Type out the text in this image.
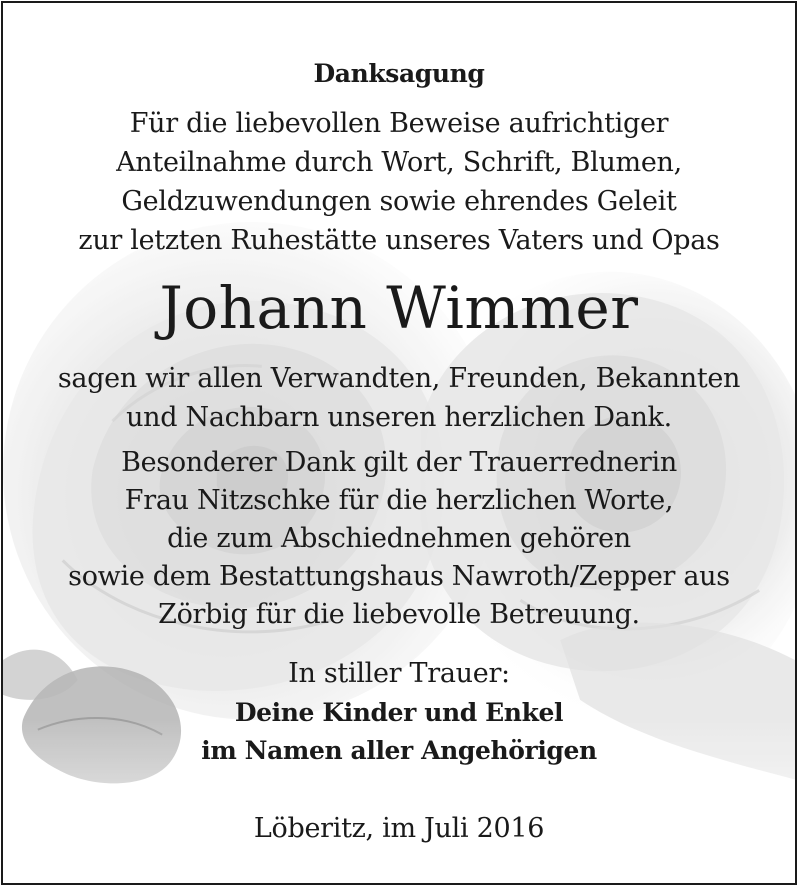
Danksagung
Für die liebevollen Beweise aufrichtiger
Anteilnahme durch Wort, Schrift, Blumen,
Geldzuwendungen sowie ehrendes Geleit
zur letzten Ruhestätte unseres Vaters und Opas
Johann Wimmer
sagen wir allen Verwandten, Freunden, Bekannten
und Nachbarn unseren herzlichen Dank.
Besonderer Dank gilt der Trauerrednerin
Frau Nitzschke für die herzlichen Worte,
die zum Abschiednehmen gehören
sowie dem Bestattungshaus Nawroth/Zepper aus
Zörbig für die liebevolle Betreuung.
In stiller Trauer:
Deine Kinder und Enkel
im Namen aller Angehörigen
Löberitz, im Juli 2016
